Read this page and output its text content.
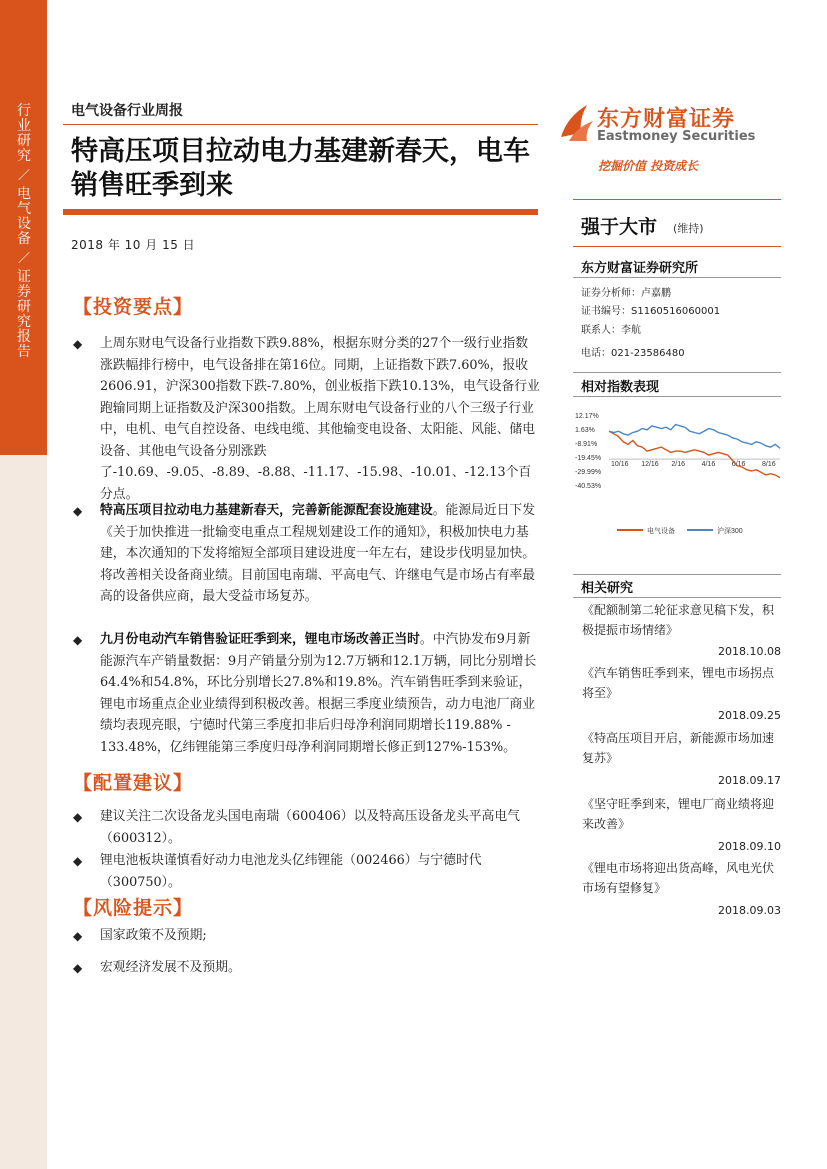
行
业
研
究
／
电
气
设
备
／
证
券
研
究
报
告
电气设备行业周报
特高压项目拉动电力基建新春天，电车销售旺季到来
2018 年 10 月 15 日
东方财富证券
Eastmoney Securities
挖掘价值 投资成长
强于大市 (维持)
东方财富证券研究所
证券分析师：卢嘉鹏
证书编号：S1160516060001
联系人：李航
电话：021-23586480
相对指数表现
12.17%
1.63%
-8.91%
-19.45%
-29.99%
-40.53%
10/16 12/16 2/16 4/16 6/16 8/16
电气设备	沪深300
相关研究
《配额制第二轮征求意见稿下发，积极提振市场情绪》
2018.10.08
《汽车销售旺季到来，锂电市场拐点将至》
2018.09.25
《特高压项目开启，新能源市场加速复苏》
2018.09.17
《坚守旺季到来，锂电厂商业绩将迎来改善》
2018.09.10
《锂电市场将迎出货高峰，风电光伏市场有望修复》
2018.09.03
【投资要点】
◆ 上周东财电气设备行业指数下跌9.88%，根据东财分类的27个一级行业指数涨跌幅排行榜中，电气设备排在第16位。同期，上证指数下跌7.60%，报收2606.91，沪深300指数下跌-7.80%，创业板指下跌10.13%，电气设备行业跑输同期上证指数及沪深300指数。上周东财电气设备行业的八个三级子行业中，电机、电气自控设备、电线电缆、其他输变电设备、太阳能、风能、储电设备、其他电气设备分别涨跌了-10.69、-9.05、-8.89、-8.88、-11.17、-15.98、-10.01、-12.13个百分点。
◆ 特高压项目拉动电力基建新春天，完善新能源配套设施建设。能源局近日下发《关于加快推进一批输变电重点工程规划建设工作的通知》，积极加快电力基建，本次通知的下发将缩短全部项目建设进度一年左右，建设步伐明显加快。将改善相关设备商业绩。目前国电南瑞、平高电气、许继电气是市场占有率最高的设备供应商，最大受益市场复苏。
◆ 九月份电动汽车销售验证旺季到来，锂电市场改善正当时。中汽协发布9月新能源汽车产销量数据：9月产销量分别为12.7万辆和12.1万辆，同比分别增长64.4%和54.8%，环比分别增长27.8%和19.8%。汽车销售旺季到来验证，锂电市场重点企业业绩得到积极改善。根据三季度业绩预告，动力电池厂商业绩均表现亮眼，宁德时代第三季度扣非后归母净利润同期增长119.88% - 133.48%，亿纬锂能第三季度归母净利润同期增长修正到127%-153%。
【配置建议】
◆ 建议关注二次设备龙头国电南瑞（600406）以及特高压设备龙头平高电气（600312）。
◆ 锂电池板块谨慎看好动力电池龙头亿纬锂能（002466）与宁德时代（300750）。
【风险提示】
◆ 国家政策不及预期;
◆ 宏观经济发展不及预期。
